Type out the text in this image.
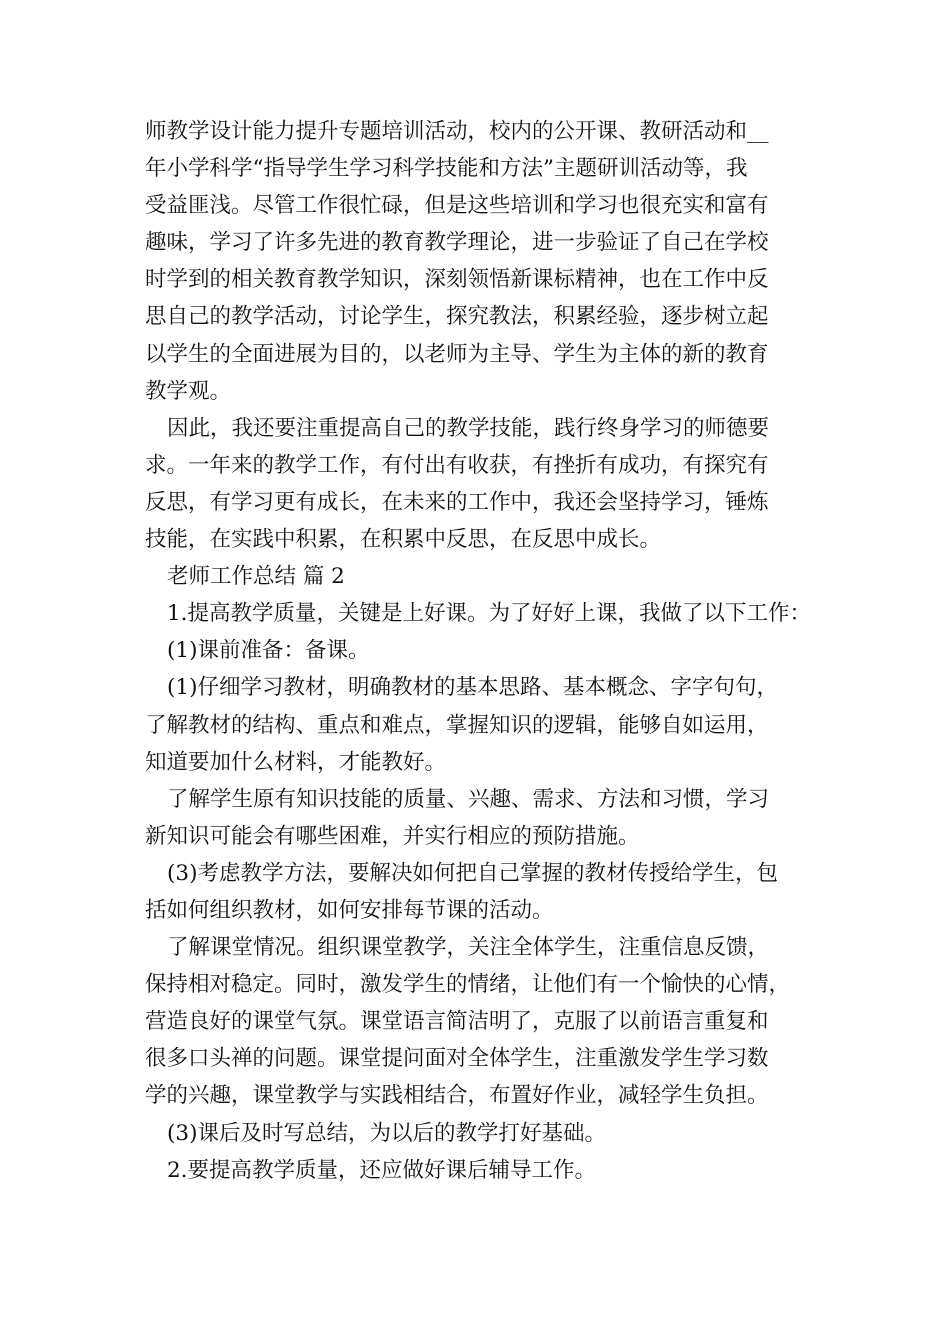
师教学设计能力提升专题培训活动，校内的公开课、教研活动和__
年小学科学“指导学生学习科学技能和方法”主题研训活动等，我
受益匪浅。尽管工作很忙碌，但是这些培训和学习也很充实和富有
趣味，学习了许多先进的教育教学理论，进一步验证了自己在学校
时学到的相关教育教学知识，深刻领悟新课标精神，也在工作中反
思自己的教学活动，讨论学生，探究教法，积累经验，逐步树立起
以学生的全面进展为目的，以老师为主导、学生为主体的新的教育
教学观。
因此，我还要注重提高自己的教学技能，践行终身学习的师德要
求。一年来的教学工作，有付出有收获，有挫折有成功，有探究有
反思，有学习更有成长，在未来的工作中，我还会坚持学习，锤炼
技能，在实践中积累，在积累中反思，在反思中成长。
老师工作总结 篇 2
1.提高教学质量，关键是上好课。为了好好上课，我做了以下工作：
(1)课前准备：备课。
(1)仔细学习教材，明确教材的基本思路、基本概念、字字句句，
了解教材的结构、重点和难点，掌握知识的逻辑，能够自如运用，
知道要加什么材料，才能教好。
了解学生原有知识技能的质量、兴趣、需求、方法和习惯，学习
新知识可能会有哪些困难，并实行相应的预防措施。
(3)考虑教学方法，要解决如何把自己掌握的教材传授给学生，包
括如何组织教材，如何安排每节课的活动。
了解课堂情况。组织课堂教学，关注全体学生，注重信息反馈，
保持相对稳定。同时，激发学生的情绪，让他们有一个愉快的心情，
营造良好的课堂气氛。课堂语言简洁明了，克服了以前语言重复和
很多口头禅的问题。课堂提问面对全体学生，注重激发学生学习数
学的兴趣，课堂教学与实践相结合，布置好作业，减轻学生负担。
(3)课后及时写总结，为以后的教学打好基础。
2.要提高教学质量，还应做好课后辅导工作。
